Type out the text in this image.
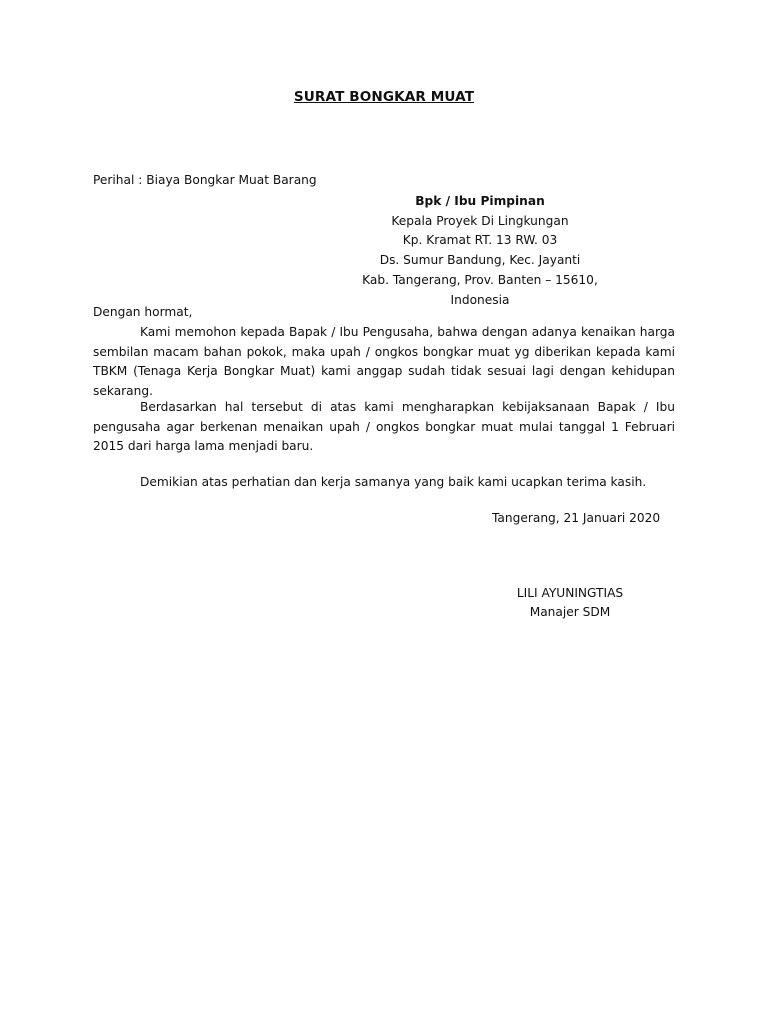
SURAT BONGKAR MUAT
Perihal : Biaya Bongkar Muat Barang
Bpk / Ibu Pimpinan
Kepala Proyek Di Lingkungan
Kp. Kramat RT. 13 RW. 03
Ds. Sumur Bandung, Kec. Jayanti
Kab. Tangerang, Prov. Banten – 15610, Indonesia
Dengan hormat,
Kami memohon kepada Bapak / Ibu Pengusaha, bahwa dengan adanya kenaikan harga sembilan macam bahan pokok, maka upah / ongkos bongkar muat yg diberikan kepada kami TBKM (Tenaga Kerja Bongkar Muat) kami anggap sudah tidak sesuai lagi dengan kehidupan sekarang.
Berdasarkan hal tersebut di atas kami mengharapkan kebijaksanaan Bapak / Ibu pengusaha agar berkenan menaikan upah / ongkos bongkar muat mulai tanggal 1 Februari 2015 dari harga lama menjadi baru.
Demikian atas perhatian dan kerja samanya yang baik kami ucapkan terima kasih.
Tangerang, 21 Januari 2020
LILI AYUNINGTIAS
Manajer SDM
